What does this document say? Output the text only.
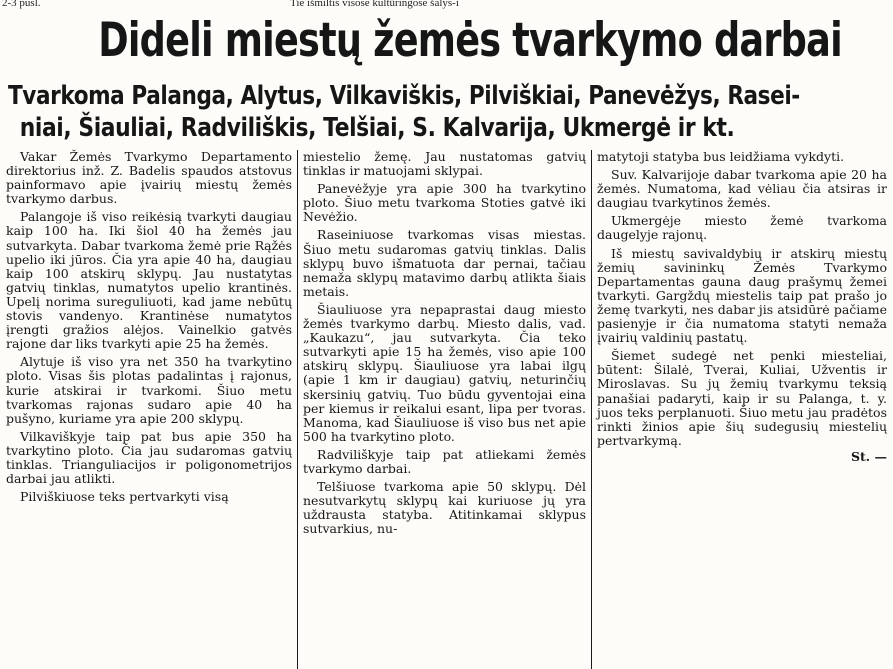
2-3 pusl.	Tie išmiltis visose kultūringose šalys-i
Dideli miestų žemės tvarkymo darbai
Tvarkoma Palanga, Alytus, Vilkaviškis, Pilviškiai, Panevėžys, Rasei-
niai, Šiauliai, Radviliškis, Telšiai, S. Kalvarija, Ukmergė ir kt.

Vakar Žemės Tvarkymo Departamento direktorius inž. Z. Badelis spaudos atstovus painformavo apie įvairių miestų žemės tvarkymo darbus.

Palangoje iš viso reikėsią tvarkyti daugiau kaip 100 ha. Iki šiol 40 ha žemės jau sutvarkyta. Dabar tvarkoma žemė prie Rąžės upelio iki jūros. Čia yra apie 40 ha, daugiau kaip 100 atskirų sklypų. Jau nustatytas gatvių tinklas, numatytos upelio krantinės. Upelį norima sureguliuoti, kad jame nebūtų stovis vandenyo. Krantinėse numatytos įrengti gražios alėjos. Vainelkio gatvės rajone dar liks tvarkyti apie 25 ha žemės.

Alytuje iš viso yra net 350 ha tvarkytino ploto. Visas šis plotas padalintas į rajonus, kurie atskirai ir tvarkomi. Šiuo metu tvarkomas rajonas sudaro apie 40 ha pušyno, kuriame yra apie 200 sklypų.

Vilkaviškyje taip pat bus apie 350 ha tvarkytino ploto. Čia jau sudaromas gatvių tinklas. Trianguliacijos ir poligonometrijos darbai jau atlikti.

Pilviškiuose teks pertvarkyti visą

miestelio žemę. Jau nustatomas gatvių tinklas ir matuojami sklypai.

Panevėžyje yra apie 300 ha tvarkytino ploto. Šiuo metu tvarkoma Stoties gatvė iki Nevėžio.

Raseiniuose tvarkomas visas miestas. Šiuo metu sudaromas gatvių tinklas. Dalis sklypų buvo išmatuota dar pernai, tačiau nemaža sklypų matavimo darbų atlikta šiais metais.

Šiauliuose yra nepaprastai daug miesto žemės tvarkymo darbų. Miesto dalis, vad. „Kaukazu“, jau sutvarkyta. Čia teko sutvarkyti apie 15 ha žemės, viso apie 100 atskirų sklypų. Šiauliuose yra labai ilgų (apie 1 km ir daugiau) gatvių, neturinčių skersinių gatvių. Tuo būdu gyventojai eina per kiemus ir reikalui esant, lipa per tvoras. Manoma, kad Šiauliuose iš viso bus net apie 500 ha tvarkytino ploto.

Radviliškyje taip pat atliekami žemės tvarkymo darbai.

Telšiuose tvarkoma apie 50 sklypų. Dėl nesutvarkytų sklypų kai kuriuose jų yra uždrausta statyba. Atitinkamai sklypus sutvarkius, nu-

matytoji statyba bus leidžiama vykdyti.

Suv. Kalvarijoje dabar tvarkoma apie 20 ha žemės. Numatoma, kad vėliau čia atsiras ir daugiau tvarkytinos žemės.

Ukmergėje miesto žemė tvarkoma daugelyje rajonų.

Iš miestų savivaldybių ir atskirų miestų žemių savininkų Žemės Tvarkymo Departamentas gauna daug prašymų žemei tvarkyti. Gargždų miestelis taip pat prašo jo žemę tvarkyti, nes dabar jis atsidūrė pačiame pasienyje ir čia numatoma statyti nemaža įvairių valdinių pastatų.

Šiemet sudegė net penki miesteliai, būtent: Šilalė, Tverai, Kuliai, Užventis ir Miroslavas. Su jų žemių tvarkymu teksią panašiai padaryti, kaip ir su Palanga, t. y. juos teks perplanuoti. Šiuo metu jau pradėtos rinkti žinios apie šių sudegusių miestelių pertvarkymą.

St. —
